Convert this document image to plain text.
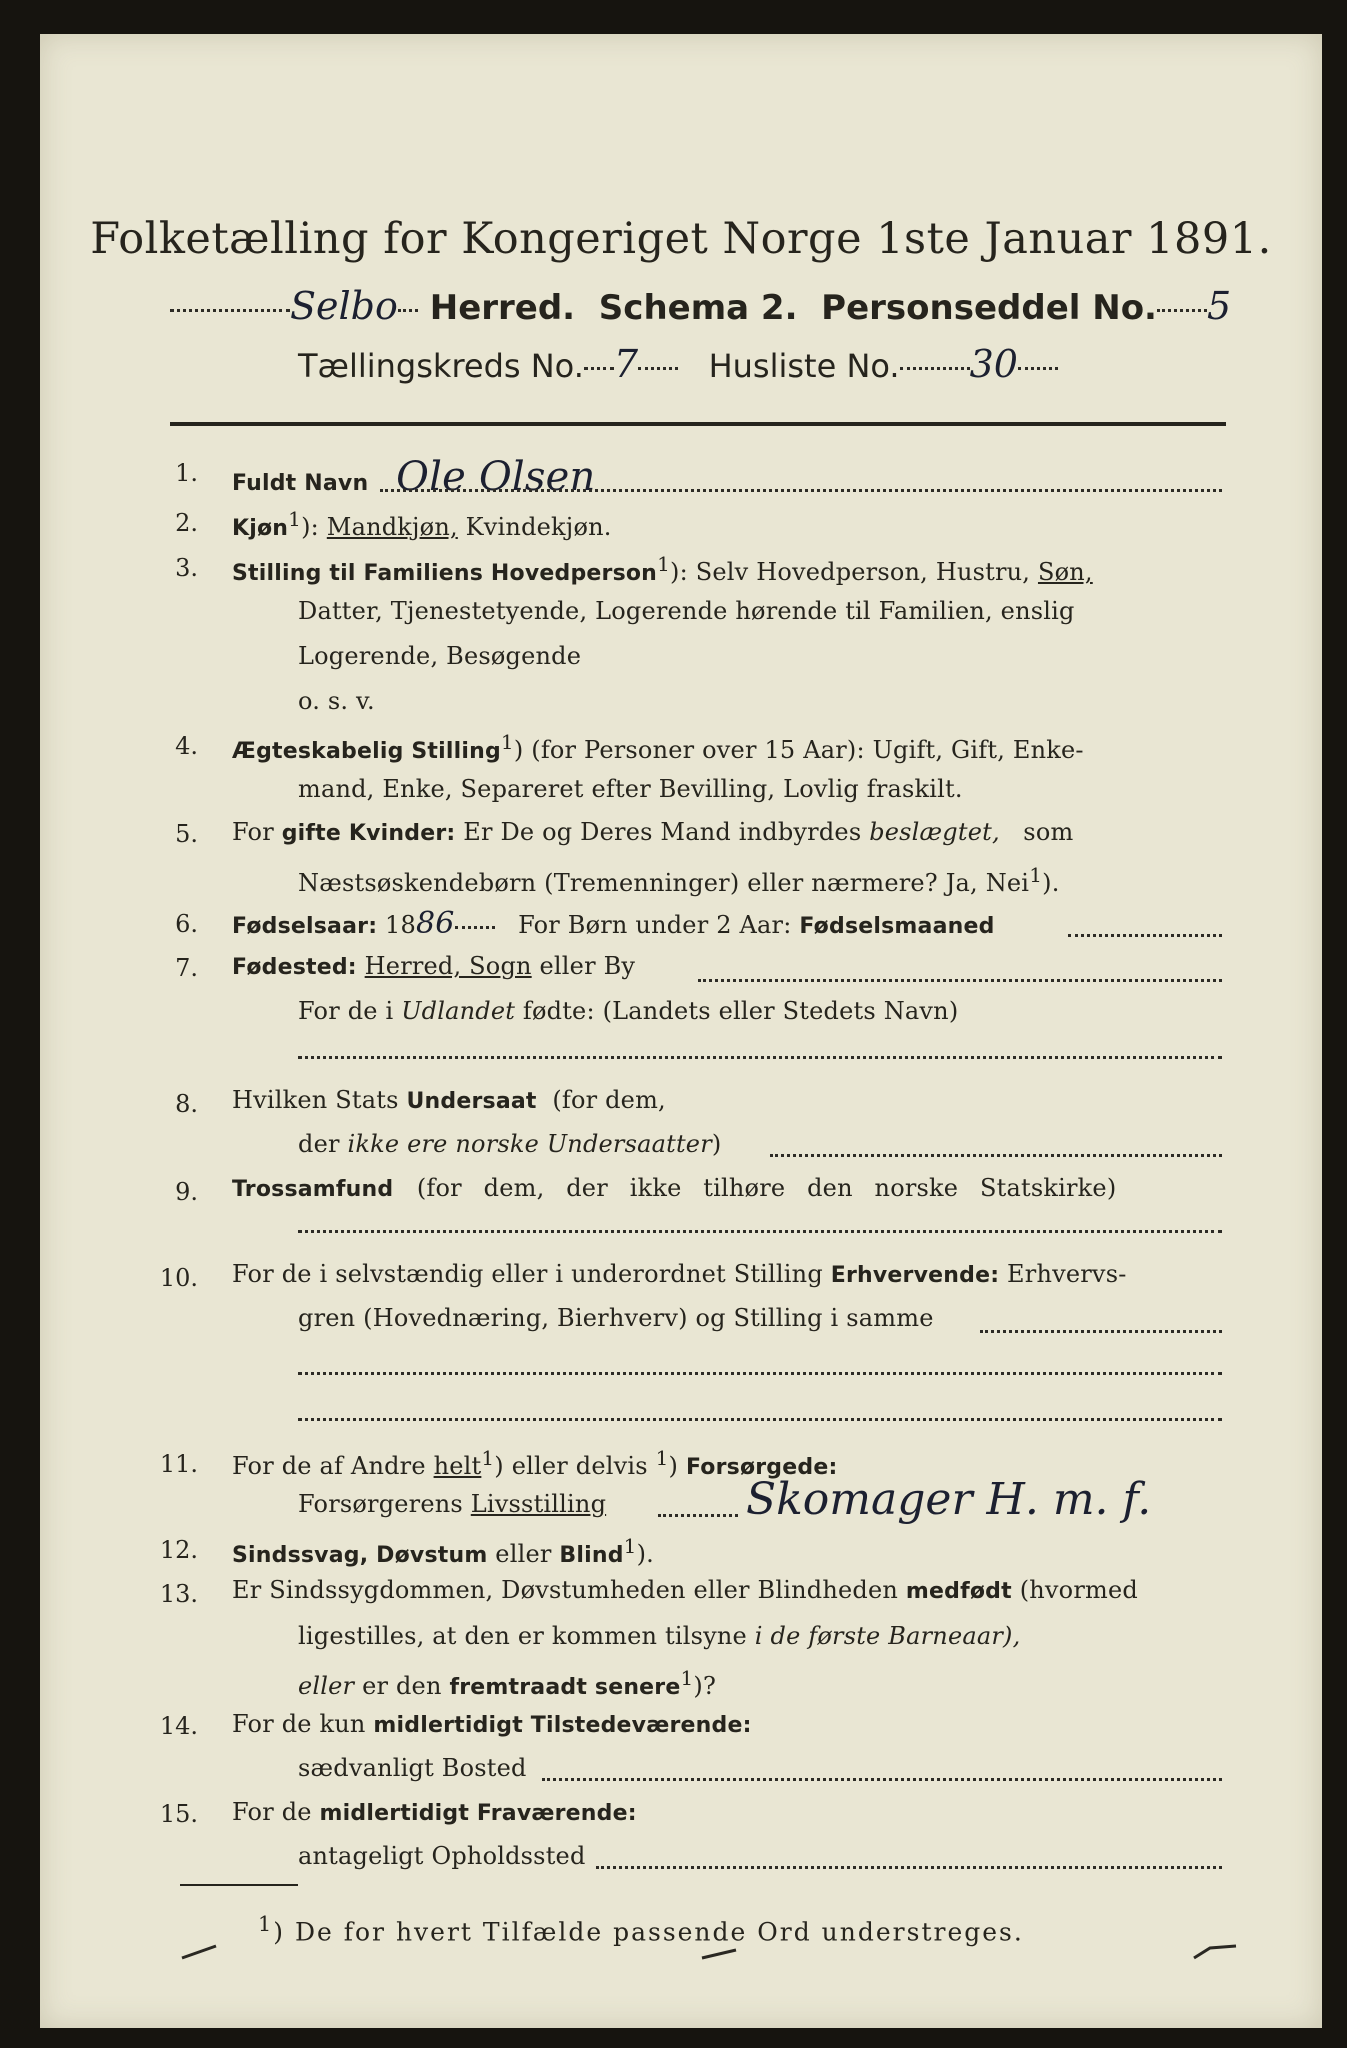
Folketælling for Kongeriget Norge 1ste Januar 1891.
Selbo Herred. Schema 2. Personseddel No. 5
Tællingskreds No. 7 Husliste No. 30
1. Fuldt Navn Ole Olsen
2. Kjøn$^1$): Mandkjøn, Kvindekjøn.
3. Stilling til Familiens Hovedperson$^1$): Selv Hovedperson, Hustru, Søn,
Datter, Tjenestetyende, Logerende hørende til Familien, enslig
Logerende, Besøgende
o. s. v.
4. Ægteskabelig Stilling$^1$) (for Personer over 15 Aar): Ugift, Gift, Enke-
mand, Enke, Separeret efter Bevilling, Lovlig fraskilt.
5. For gifte Kvinder: Er De og Deres Mand indbyrdes beslægtet, som
Næstsøskendebørn (Tremenninger) eller nærmere? Ja, Nei$^1$).
6. Fødselsaar: 1886	For Børn under 2 Aar: Fødselsmaaned
7. Fødested: Herred, Sogn eller By
For de i Udlandet fødte: (Landets eller Stedets Navn)
8. Hvilken Stats Undersaat (for dem,
der ikke ere norske Undersaatter)
9. Trossamfund (for dem, der ikke tilhøre den norske Statskirke)
10. For de i selvstændig eller i underordnet Stilling Erhvervende: Erhvervs-
gren (Hovednæring, Bierhverv) og Stilling i samme
11. For de af Andre helt$^1$) eller delvis $^1$) Forsørgede:
Forsørgerens Livsstilling	Skomager H. m. f.
12. Sindssvag, Døvstum eller Blind$^1$).
13. Er Sindssygdommen, Døvstumheden eller Blindheden medfødt (hvormed
ligestilles, at den er kommen tilsyne i de første Barneaar),
eller er den fremtraadt senere$^1$)?
14. For de kun midlertidigt Tilstedeværende:
sædvanligt Bosted
15. For de midlertidigt Fraværende:
antageligt Opholdssted
$^1$) De for hvert Tilfælde passende Ord understreges.
